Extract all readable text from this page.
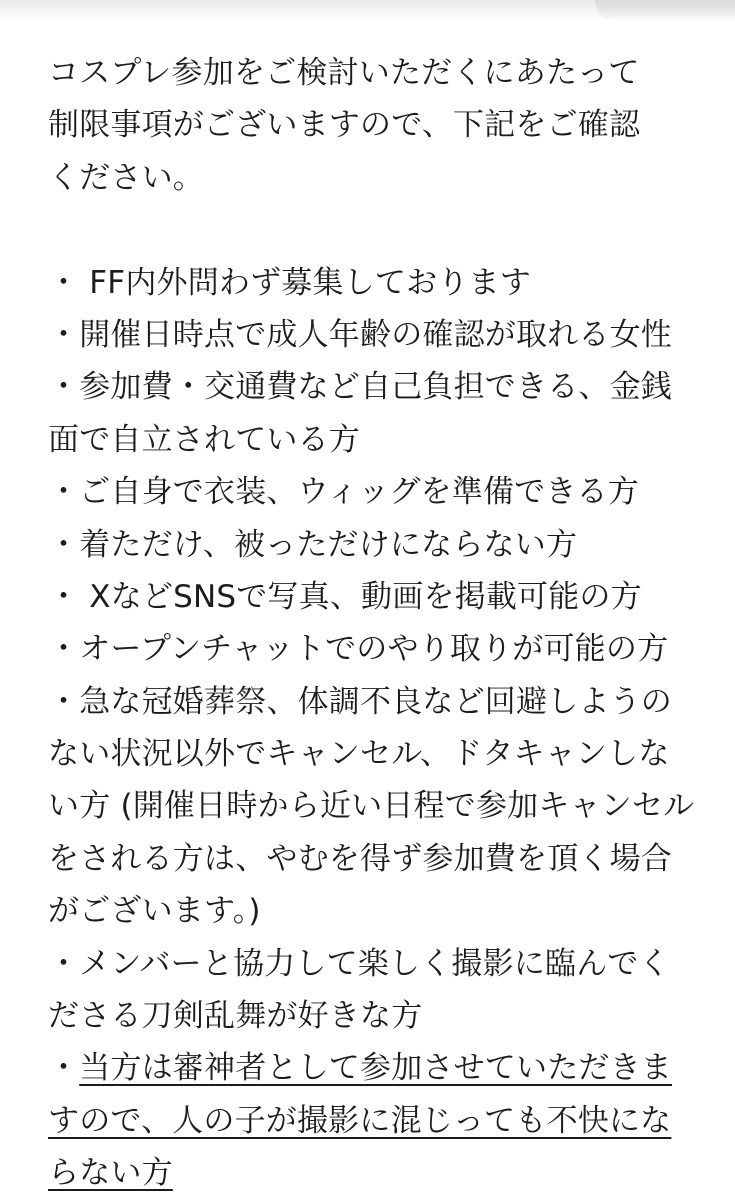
コスプレ参加をご検討いただくにあたって
制限事項がございますので、下記をご確認
ください。
・ FF内外問わず募集しております
・開催日時点で成人年齢の確認が取れる女性
・参加費・交通費など自己負担できる、金銭
面で自立されている方
・ご自身で衣装、ウィッグを準備できる方
・着ただけ、被っただけにならない方
・ XなどSNSで写真、動画を掲載可能の方
・オープンチャットでのやり取りが可能の方
・急な冠婚葬祭、体調不良など回避しようの
ない状況以外でキャンセル、ドタキャンしな
い方 (開催日時から近い日程で参加キャンセル
をされる方は、やむを得ず参加費を頂く場合
がございます。)
・メンバーと協力して楽しく撮影に臨んでく
ださる刀剣乱舞が好きな方
・当方は審神者として参加させていただきま
すので、人の子が撮影に混じっても不快にな
らない方
